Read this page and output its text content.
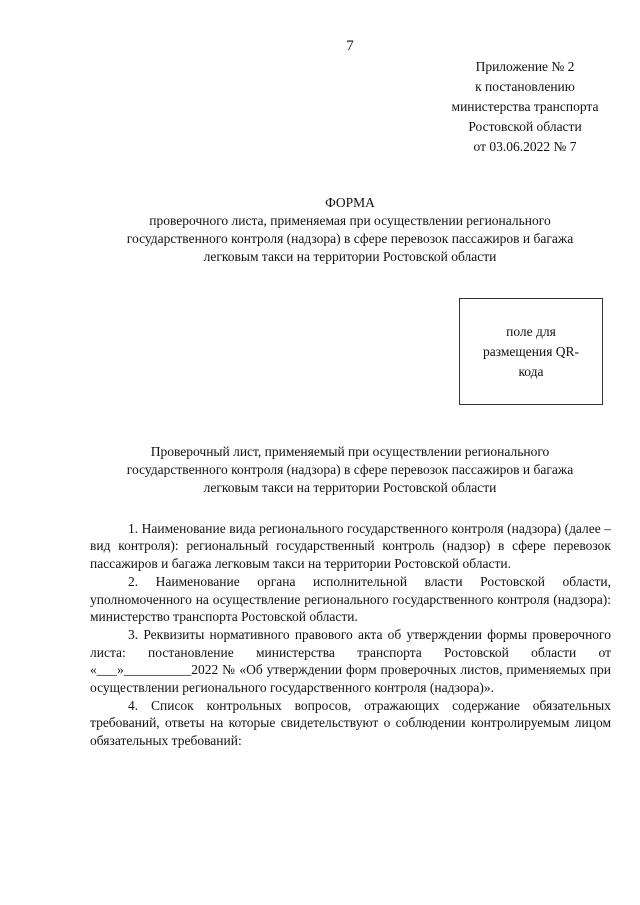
7
Приложение № 2
к постановлению
министерства транспорта
Ростовской области
от 03.06.2022 № 7
ФОРМА
проверочного листа, применяемая при осуществлении регионального
государственного контроля (надзора) в сфере перевозок пассажиров и багажа
легковым такси на территории Ростовской области
поле для
размещения QR-
кода
Проверочный лист, применяемый при осуществлении регионального
государственного контроля (надзора) в сфере перевозок пассажиров и багажа
легковым такси на территории Ростовской области

1. Наименование вида регионального государственного контроля (надзора) (далее – вид контроля): региональный государственный контроль (надзор) в сфере перевозок пассажиров и багажа легковым такси на территории Ростовской области.

2. Наименование органа исполнительной власти Ростовской области, уполномоченного на осуществление регионального государственного контроля (надзора): министерство транспорта Ростовской области.

3. Реквизиты нормативного правового акта об утверждении формы проверочного листа: постановление министерства транспорта Ростовской области от «___»__________2022 № «Об утверждении форм проверочных листов, применяемых при осуществлении регионального государственного контроля (надзора)».

4. Список контрольных вопросов, отражающих содержание обязательных требований, ответы на которые свидетельствуют о соблюдении контролируемым лицом обязательных требований:
